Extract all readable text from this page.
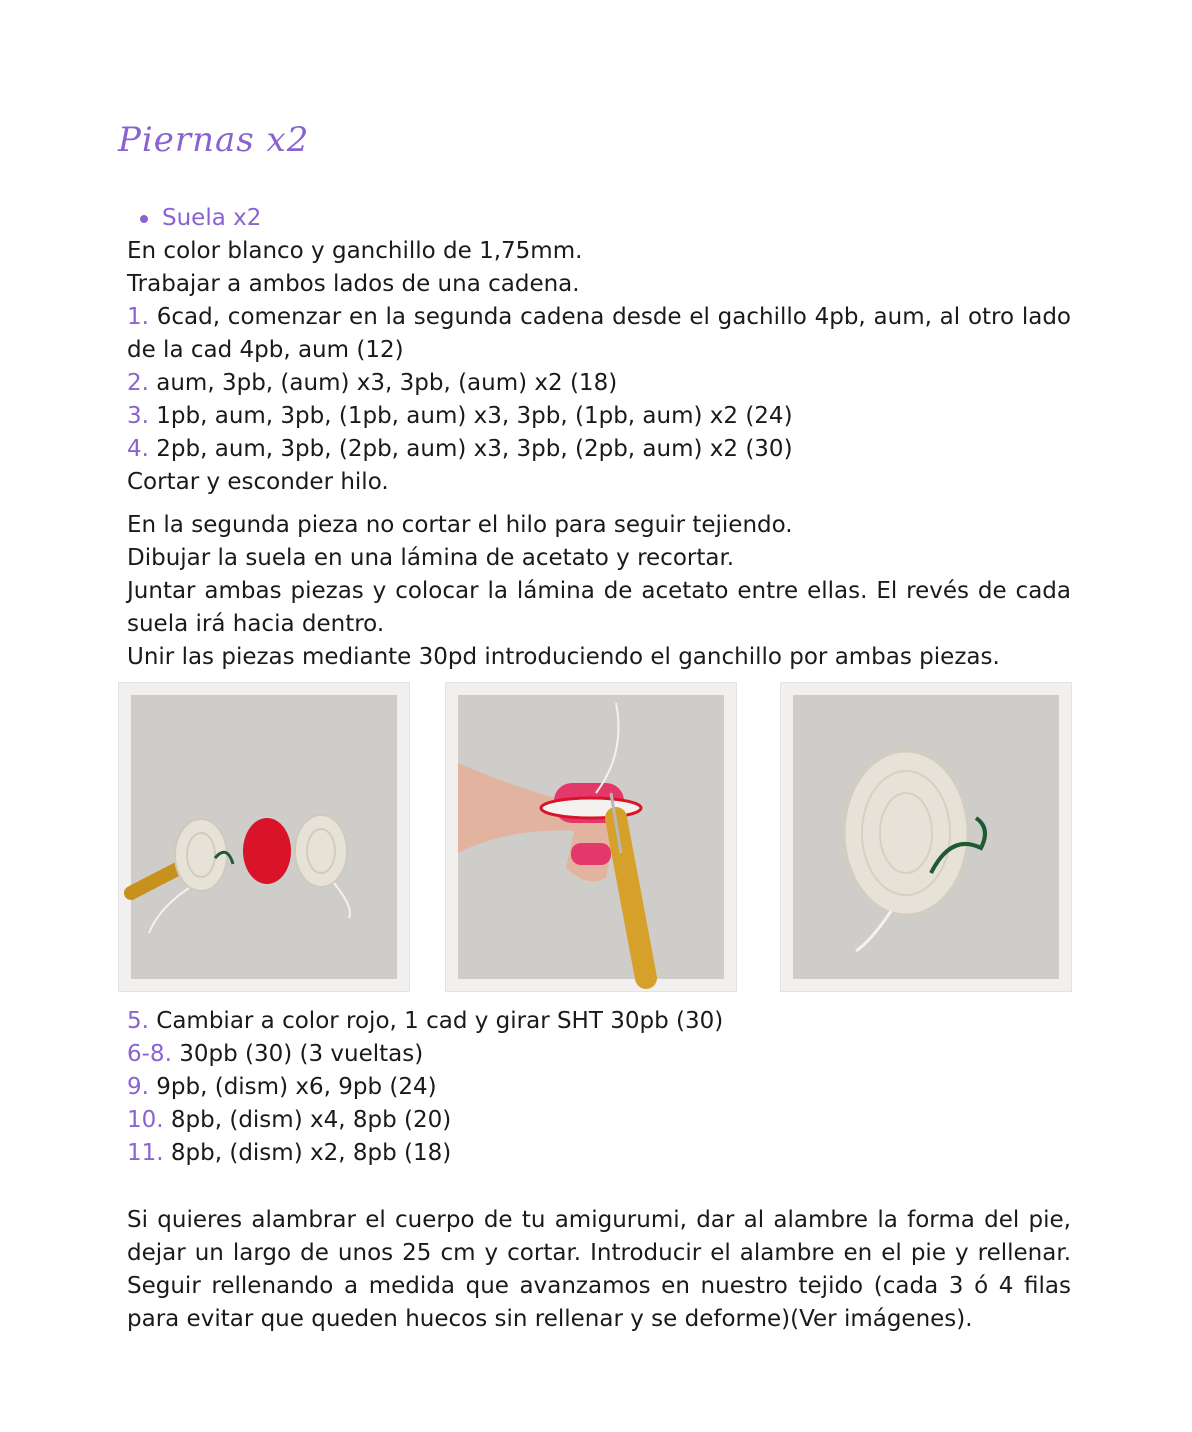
Piernas x2
Suela x2

En color blanco y ganchillo de 1,75mm.

Trabajar a ambos lados de una cadena.

1. 6cad, comenzar en la segunda cadena desde el gachillo 4pb, aum, al otro lado de la cad 4pb, aum (12)

2. aum, 3pb, (aum) x3, 3pb, (aum) x2 (18)

3. 1pb, aum, 3pb, (1pb, aum) x3, 3pb, (1pb, aum) x2 (24)

4. 2pb, aum, 3pb, (2pb, aum) x3, 3pb, (2pb, aum) x2 (30)

Cortar y esconder hilo.

En la segunda pieza no cortar el hilo para seguir tejiendo.

Dibujar la suela en una lámina de acetato y recortar.

Juntar ambas piezas y colocar la lámina de acetato entre ellas. El revés de cada suela irá hacia dentro.

Unir las piezas mediante 30pd introduciendo el ganchillo por ambas piezas.

5. Cambiar a color rojo, 1 cad y girar SHT 30pb (30)

6-8. 30pb (30) (3 vueltas)

9. 9pb, (dism) x6, 9pb (24)

10. 8pb, (dism) x4, 8pb (20)

11. 8pb, (dism) x2, 8pb (18)

Si quieres alambrar el cuerpo de tu amigurumi, dar al alambre la forma del pie, dejar un largo de unos 25 cm y cortar. Introducir el alambre en el pie y rellenar. Seguir rellenando a medida que avanzamos en nuestro tejido (cada 3 ó 4 filas para evitar que queden huecos sin rellenar y se deforme)(Ver imágenes).
